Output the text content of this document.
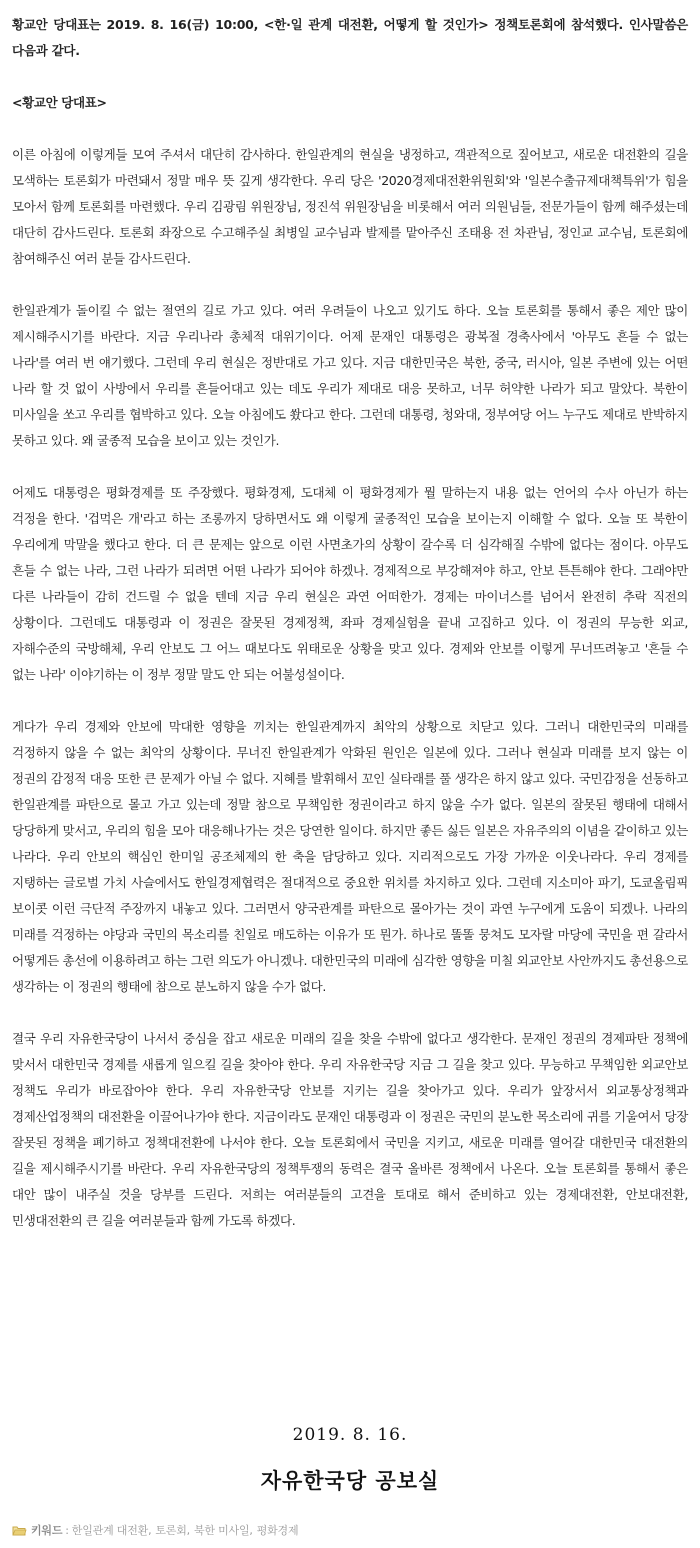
황교안 당대표는 2019. 8. 16(금) 10:00, <한·일 관계 대전환, 어떻게 할 것인가> 정책토론회에 참석했다. 인사말씀은 다음과 같다.

<황교안 당대표>

이른 아침에 이렇게들 모여 주셔서 대단히 감사하다. 한일관계의 현실을 냉정하고, 객관적으로 짚어보고, 새로운 대전환의 길을 모색하는 토론회가 마련돼서 정말 매우 뜻 깊게 생각한다. 우리 당은 '2020경제대전환위원회'와 '일본수출규제대책특위'가 힘을 모아서 함께 토론회를 마련했다. 우리 김광림 위원장님, 정진석 위원장님을 비롯해서 여러 의원님들, 전문가들이 함께 해주셨는데 대단히 감사드린다. 토론회 좌장으로 수고해주실 최병일 교수님과 발제를 맡아주신 조태용 전 차관님, 정인교 교수님, 토론회에 참여해주신 여러 분들 감사드린다.

한일관계가 돌이킬 수 없는 절연의 길로 가고 있다. 여러 우려들이 나오고 있기도 하다. 오늘 토론회를 통해서 좋은 제안 많이 제시해주시기를 바란다. 지금 우리나라 총체적 대위기이다. 어제 문재인 대통령은 광복절 경축사에서 '아무도 흔들 수 없는 나라'를 여러 번 얘기했다. 그런데 우리 현실은 정반대로 가고 있다. 지금 대한민국은 북한, 중국, 러시아, 일본 주변에 있는 어떤 나라 할 것 없이 사방에서 우리를 흔들어대고 있는 데도 우리가 제대로 대응 못하고, 너무 허약한 나라가 되고 말았다. 북한이 미사일을 쏘고 우리를 협박하고 있다. 오늘 아침에도 쐈다고 한다. 그런데 대통령, 청와대, 정부여당 어느 누구도 제대로 반박하지 못하고 있다. 왜 굴종적 모습을 보이고 있는 것인가.

어제도 대통령은 평화경제를 또 주장했다. 평화경제, 도대체 이 평화경제가 뭘 말하는지 내용 없는 언어의 수사 아닌가 하는 걱정을 한다. '겁먹은 개'라고 하는 조롱까지 당하면서도 왜 이렇게 굴종적인 모습을 보이는지 이해할 수 없다. 오늘 또 북한이 우리에게 막말을 했다고 한다. 더 큰 문제는 앞으로 이런 사면초가의 상황이 갈수록 더 심각해질 수밖에 없다는 점이다. 아무도 흔들 수 없는 나라, 그런 나라가 되려면 어떤 나라가 되어야 하겠나. 경제적으로 부강해져야 하고, 안보 튼튼해야 한다. 그래야만 다른 나라들이 감히 건드릴 수 없을 텐데 지금 우리 현실은 과연 어떠한가. 경제는 마이너스를 넘어서 완전히 추락 직전의 상황이다. 그런데도 대통령과 이 정권은 잘못된 경제정책, 좌파 경제실험을 끝내 고집하고 있다. 이 정권의 무능한 외교, 자해수준의 국방해체, 우리 안보도 그 어느 때보다도 위태로운 상황을 맞고 있다. 경제와 안보를 이렇게 무너뜨려놓고 '흔들 수 없는 나라' 이야기하는 이 정부 정말 말도 안 되는 어불성설이다.

게다가 우리 경제와 안보에 막대한 영향을 끼치는 한일관계까지 최악의 상황으로 치닫고 있다. 그러니 대한민국의 미래를 걱정하지 않을 수 없는 최악의 상황이다. 무너진 한일관계가 악화된 원인은 일본에 있다. 그러나 현실과 미래를 보지 않는 이 정권의 감정적 대응 또한 큰 문제가 아닐 수 없다. 지혜를 발휘해서 꼬인 실타래를 풀 생각은 하지 않고 있다. 국민감정을 선동하고 한일관계를 파탄으로 몰고 가고 있는데 정말 참으로 무책임한 정권이라고 하지 않을 수가 없다. 일본의 잘못된 행태에 대해서 당당하게 맞서고, 우리의 힘을 모아 대응해나가는 것은 당연한 일이다. 하지만 좋든 싫든 일본은 자유주의의 이념을 같이하고 있는 나라다. 우리 안보의 핵심인 한미일 공조체제의 한 축을 담당하고 있다. 지리적으로도 가장 가까운 이웃나라다. 우리 경제를 지탱하는 글로벌 가치 사슬에서도 한일경제협력은 절대적으로 중요한 위치를 차지하고 있다. 그런데 지소미아 파기, 도쿄올림픽 보이콧 이런 극단적 주장까지 내놓고 있다. 그러면서 양국관계를 파탄으로 몰아가는 것이 과연 누구에게 도움이 되겠나. 나라의 미래를 걱정하는 야당과 국민의 목소리를 친일로 매도하는 이유가 또 뭔가. 하나로 똘똘 뭉쳐도 모자랄 마당에 국민을 편 갈라서 어떻게든 총선에 이용하려고 하는 그런 의도가 아니겠나. 대한민국의 미래에 심각한 영향을 미칠 외교안보 사안까지도 총선용으로 생각하는 이 정권의 행태에 참으로 분노하지 않을 수가 없다.

결국 우리 자유한국당이 나서서 중심을 잡고 새로운 미래의 길을 찾을 수밖에 없다고 생각한다. 문재인 정권의 경제파탄 정책에 맞서서 대한민국 경제를 새롭게 일으킬 길을 찾아야 한다. 우리 자유한국당 지금 그 길을 찾고 있다. 무능하고 무책임한 외교안보 정책도 우리가 바로잡아야 한다. 우리 자유한국당 안보를 지키는 길을 찾아가고 있다. 우리가 앞장서서 외교통상정책과 경제산업정책의 대전환을 이끌어나가야 한다. 지금이라도 문재인 대통령과 이 정권은 국민의 분노한 목소리에 귀를 기울여서 당장 잘못된 정책을 폐기하고 정책대전환에 나서야 한다. 오늘 토론회에서 국민을 지키고, 새로운 미래를 열어갈 대한민국 대전환의 길을 제시해주시기를 바란다. 우리 자유한국당의 정책투쟁의 동력은 결국 올바른 정책에서 나온다. 오늘 토론회를 통해서 좋은 대안 많이 내주실 것을 당부를 드린다. 저희는 여러분들의 고견을 토대로 해서 준비하고 있는 경제대전환, 안보대전환, 민생대전환의 큰 길을 여러분들과 함께 가도록 하겠다.

2019. 8. 16.
자유한국당 공보실
키워드 : 한일관계 대전환 , 토론회 , 북한 미사일 , 평화경제
